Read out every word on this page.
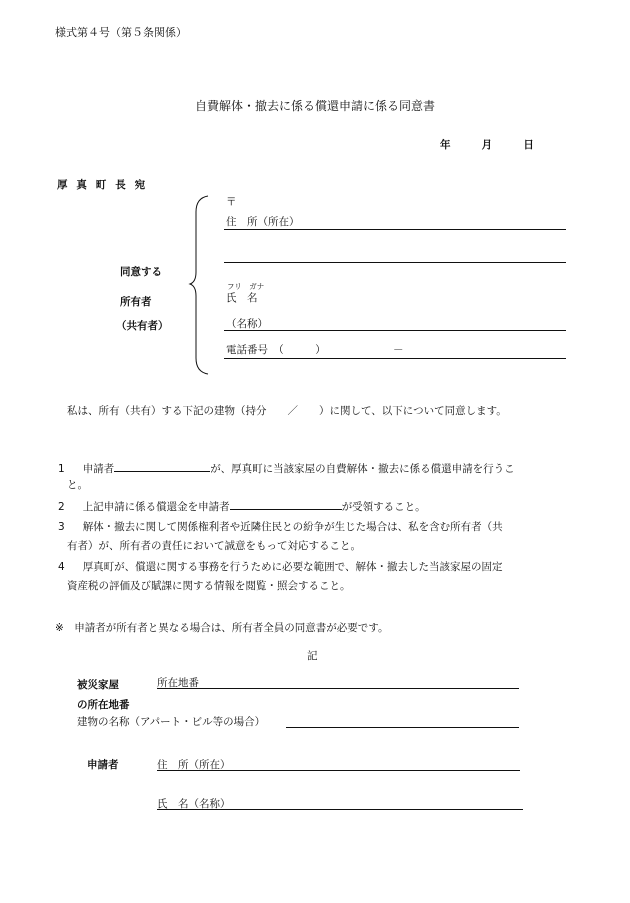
様式第４号（第５条関係）
自費解体・撤去に係る償還申請に係る同意書
年	月	日
厚 真 町 長 宛
同意する
所有者
（共有者）
〒
住　所（所在）
フリ　ガナ
氏　名
（名称）
電話番号　（　　　）	－
私は、所有（共有）する下記の建物（持分　　／　　）に関して、以下について同意します。
1 申請者	が、厚真町に当該家屋の自費解体・撤去に係る償還申請を行うこ
と。
2 上記申請に係る償還金を申請者	が受領すること。
3 解体・撤去に関して関係権利者や近隣住民との紛争が生じた場合は、私を含む所有者（共
有者）が、所有者の責任において誠意をもって対応すること。
4 厚真町が、償還に関する事務を行うために必要な範囲で、解体・撤去した当該家屋の固定
資産税の評価及び賦課に関する情報を閲覧・照会すること。
※　申請者が所有者と異なる場合は、所有者全員の同意書が必要です。
記
被災家屋
の所在地番
所在地番
建物の名称（アパート・ビル等の場合）
申請者	住　所（所在）
氏　名（名称）
